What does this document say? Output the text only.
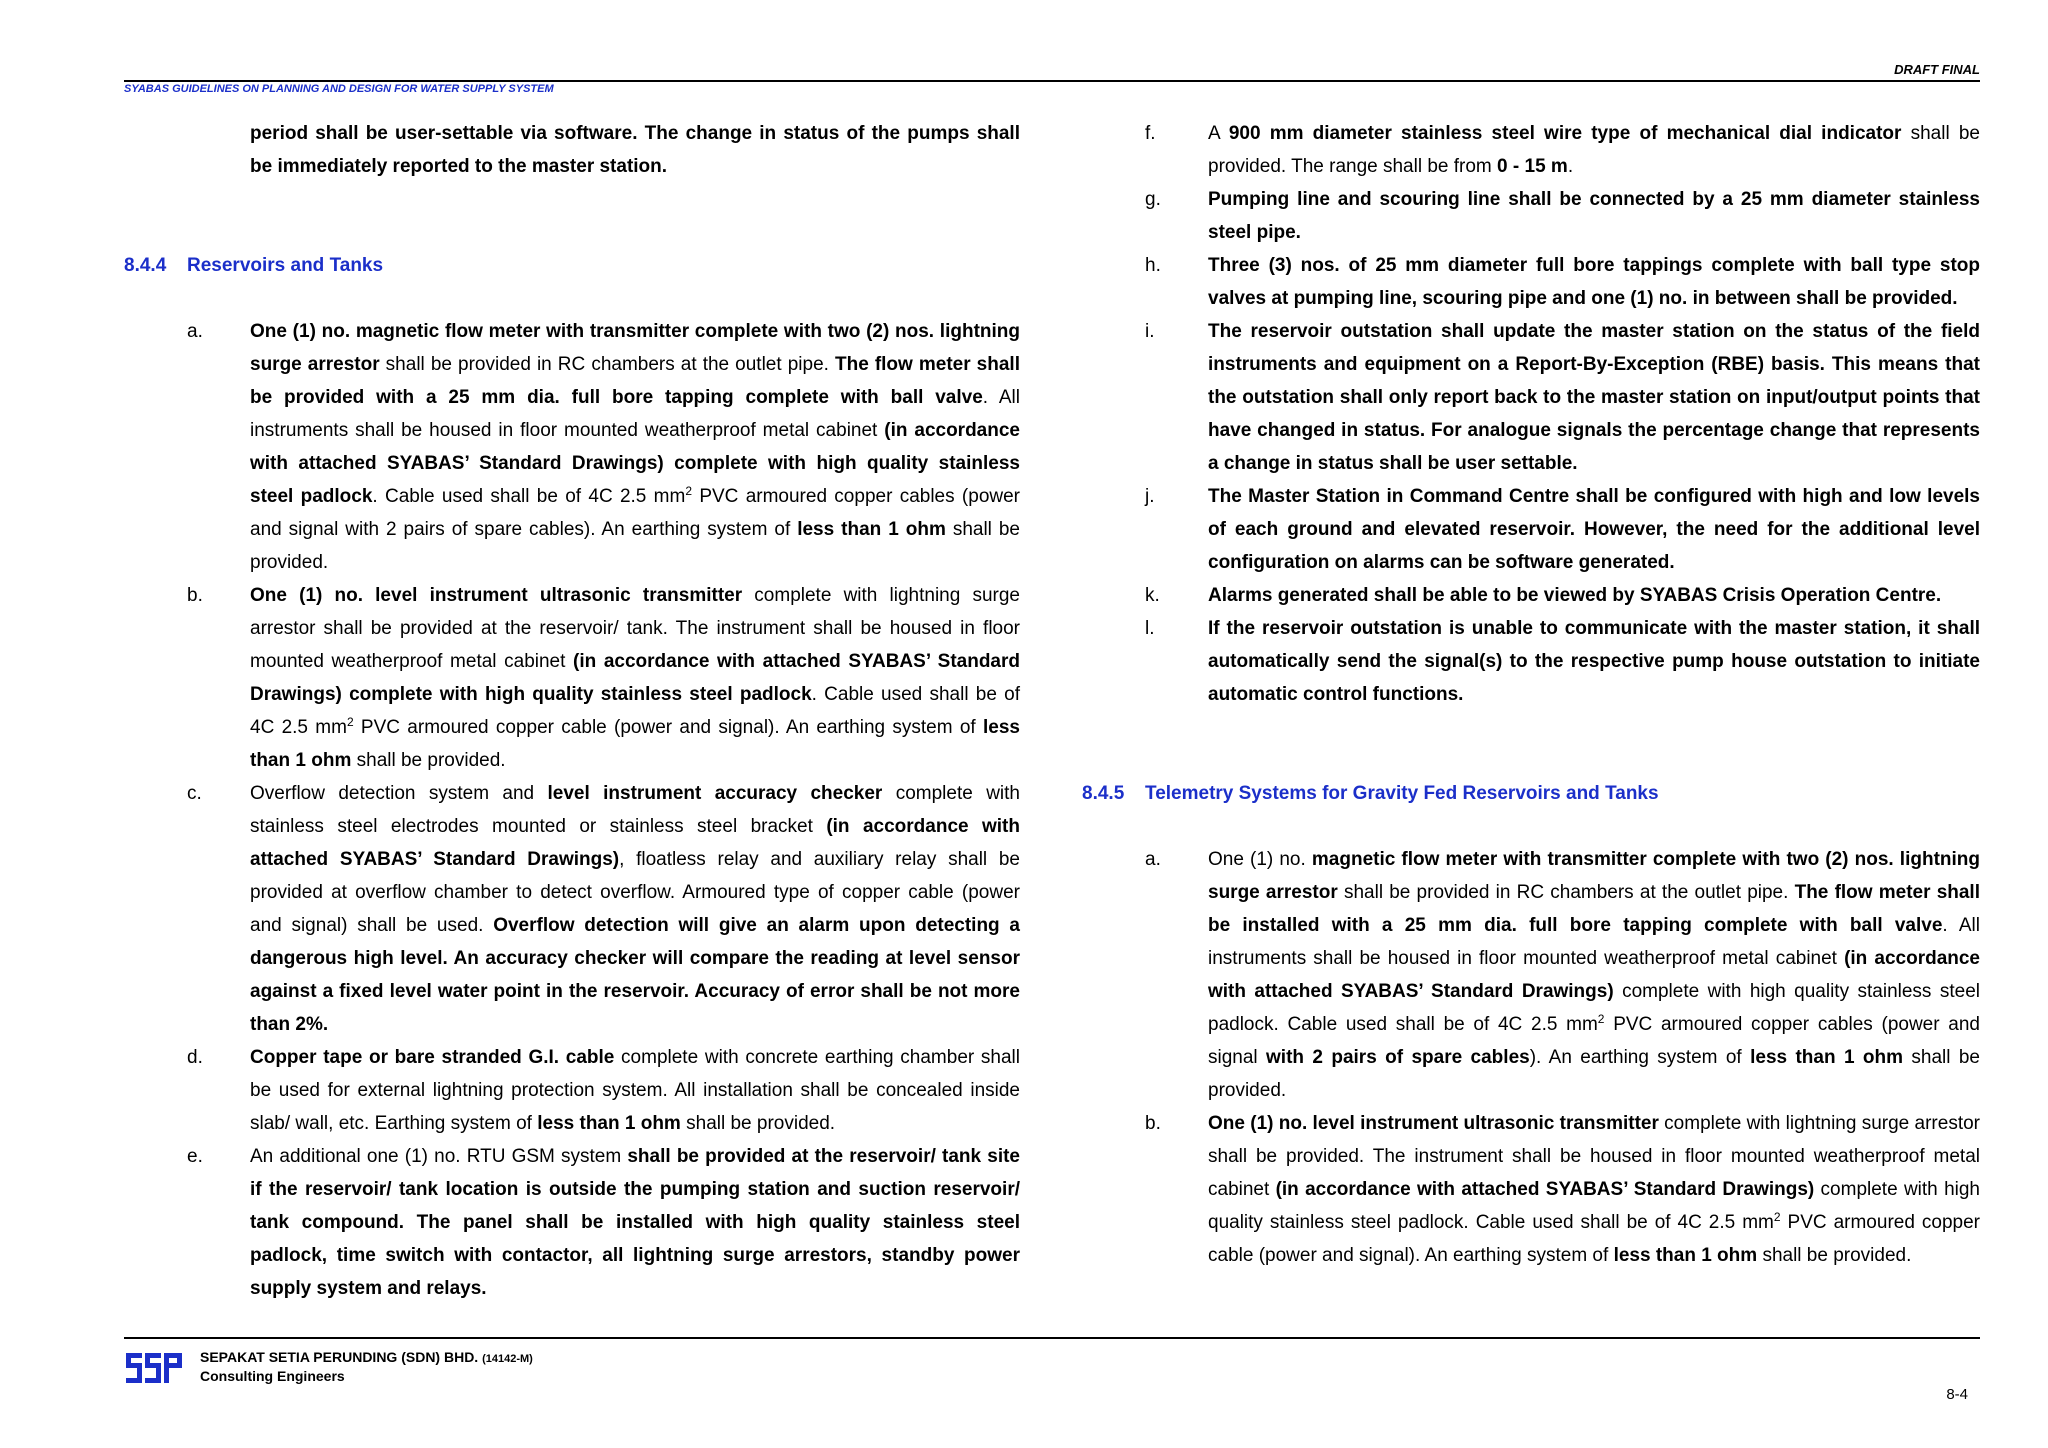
DRAFT FINAL
SYABAS GUIDELINES ON PLANNING AND DESIGN FOR WATER SUPPLY SYSTEM
period shall be user-settable via software. The change in status of the pumps shall be immediately reported to the master station.
8.4.4	Reservoirs and Tanks
a.	One (1) no. magnetic flow meter with transmitter complete with two (2) nos. lightning surge arrestor shall be provided in RC chambers at the outlet pipe. The flow meter shall be provided with a 25 mm dia. full bore tapping complete with ball valve. All instruments shall be housed in floor mounted weatherproof metal cabinet (in accordance with attached SYABAS’ Standard Drawings) complete with high quality stainless steel padlock. Cable used shall be of 4C 2.5 $mm^2$ PVC armoured copper cables (power and signal with 2 pairs of spare cables). An earthing system of less than 1 ohm shall be provided.
b.	One (1) no. level instrument ultrasonic transmitter complete with lightning surge arrestor shall be provided at the reservoir/ tank. The instrument shall be housed in floor mounted weatherproof metal cabinet (in accordance with attached SYABAS’ Standard Drawings) complete with high quality stainless steel padlock. Cable used shall be of 4C 2.5 $mm^2$ PVC armoured copper cable (power and signal). An earthing system of less than 1 ohm shall be provided.
c.	Overflow detection system and level instrument accuracy checker complete with stainless steel electrodes mounted or stainless steel bracket (in accordance with attached SYABAS’ Standard Drawings), floatless relay and auxiliary relay shall be provided at overflow chamber to detect overflow. Armoured type of copper cable (power and signal) shall be used. Overflow detection will give an alarm upon detecting a dangerous high level. An accuracy checker will compare the reading at level sensor against a fixed level water point in the reservoir. Accuracy of error shall be not more than 2%.
d.	Copper tape or bare stranded G.I. cable complete with concrete earthing chamber shall be used for external lightning protection system. All installation shall be concealed inside slab/ wall, etc. Earthing system of less than 1 ohm shall be provided.
e.	An additional one (1) no. RTU GSM system shall be provided at the reservoir/ tank site if the reservoir/ tank location is outside the pumping station and suction reservoir/ tank compound. The panel shall be installed with high quality stainless steel padlock, time switch with contactor, all lightning surge arrestors, standby power supply system and relays.
f.	A 900 mm diameter stainless steel wire type of mechanical dial indicator shall be provided. The range shall be from 0 - 15 m.
g.	Pumping line and scouring line shall be connected by a 25 mm diameter stainless steel pipe.
h.	Three (3) nos. of 25 mm diameter full bore tappings complete with ball type stop valves at pumping line, scouring pipe and one (1) no. in between shall be provided.
i.	The reservoir outstation shall update the master station on the status of the field instruments and equipment on a Report-By-Exception (RBE) basis. This means that the outstation shall only report back to the master station on input/output points that have changed in status. For analogue signals the percentage change that represents a change in status shall be user settable.
j.	The Master Station in Command Centre shall be configured with high and low levels of each ground and elevated reservoir. However, the need for the additional level configuration on alarms can be software generated.
k.	Alarms generated shall be able to be viewed by SYABAS Crisis Operation Centre.
l.	If the reservoir outstation is unable to communicate with the master station, it shall automatically send the signal(s) to the respective pump house outstation to initiate automatic control functions.
8.4.5	Telemetry Systems for Gravity Fed Reservoirs and Tanks
a.	One (1) no. magnetic flow meter with transmitter complete with two (2) nos. lightning surge arrestor shall be provided in RC chambers at the outlet pipe. The flow meter shall be installed with a 25 mm dia. full bore tapping complete with ball valve. All instruments shall be housed in floor mounted weatherproof metal cabinet (in accordance with attached SYABAS’ Standard Drawings) complete with high quality stainless steel padlock. Cable used shall be of 4C 2.5 $mm^2$ PVC armoured copper cables (power and signal with 2 pairs of spare cables). An earthing system of less than 1 ohm shall be provided.
b.	One (1) no. level instrument ultrasonic transmitter complete with lightning surge arrestor shall be provided. The instrument shall be housed in floor mounted weatherproof metal cabinet (in accordance with attached SYABAS’ Standard Drawings) complete with high quality stainless steel padlock. Cable used shall be of 4C 2.5 $mm^2$ PVC armoured copper cable (power and signal). An earthing system of less than 1 ohm shall be provided.
SEPAKAT SETIA PERUNDING (SDN) BHD. (14142-M)
Consulting Engineers
8-4
